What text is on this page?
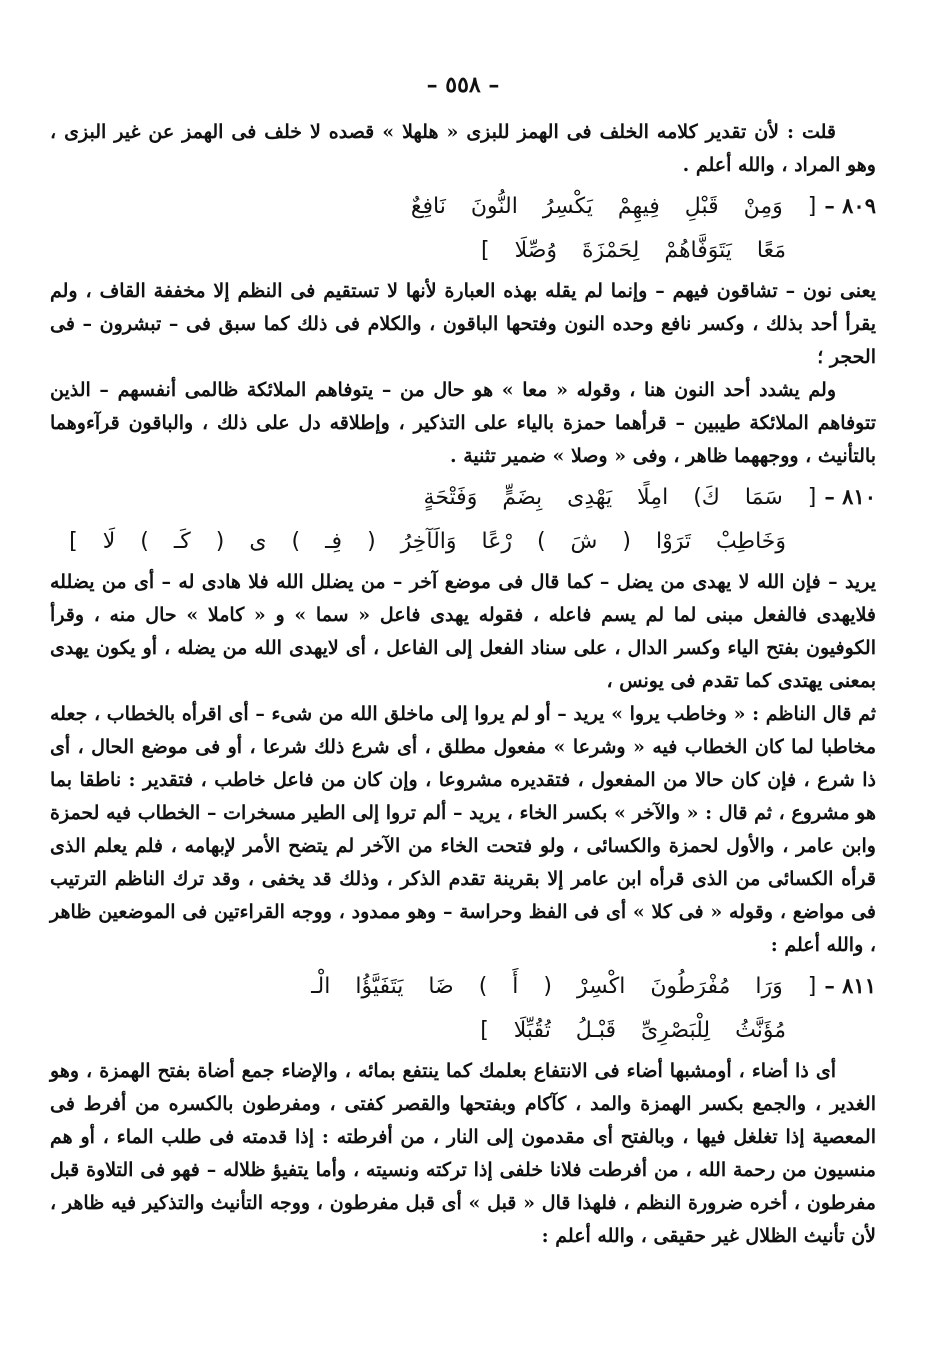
– ٥٥٨ –

قلت : لأن تقدير كلامه الخلف فى الهمز للبزى « هلهلا » قصده لا خلف فى الهمز عن غير البزى ، وهو المراد ، والله أعلم .

٨٠٩ –
[ وَمِنْ قَبْلِ فِيهِمْ يَكْسِرُ النُّونَ نَافِعٌ
مَعًا يَتَوَفَّاهُمْ لِحَمْزَةَ وُصِّلَا ]

يعنى نون – تشاقون فيهم – وإنما لم يقله بهذه العبارة لأنها لا تستقيم فى النظم إلا مخففة القاف ، ولم يقرأ أحد بذلك ، وكسر نافع وحده النون وفتحها الباقون ، والكلام فى ذلك كما سبق فى – تبشرون – فى الحجر ؛

ولم يشدد أحد النون هنا ، وقوله « معا » هو حال من – يتوفاهم الملائكة ظالمى أنفسهم – الذين تتوفاهم الملائكة طيبين – قرأهما حمزة بالياء على التذكير ، وإطلاقه دل على ذلك ، والباقون قرآءوهما بالتأنيث ، ووجههما ظاهر ، وفى « وصلا » ضمير تثنية .

٨١٠ –
[ سَمَا كَ) امِلًا يَهْدِى بِضَمٍّ وَفَتْحَةٍ
وَخَاطِبْ تَرَوْا ( شَ ) رْعًا وَالَآخِرُ ( فِـ ) ى ( كَـ ) لَا ]

يريد – فإن الله لا يهدى من يضل – كما قال فى موضع آخر – من يضلل الله فلا هادى له – أى من يضلله فلايهدى فالفعل مبنى لما لم يسم فاعله ، فقوله يهدى فاعل « سما » و « كاملا » حال منه ، وقرأ الكوفيون بفتح الياء وكسر الدال ، على سناد الفعل إلى الفاعل ، أى لايهدى الله من يضله ، أو يكون يهدى بمعنى يهتدى كما تقدم فى يونس ،

ثم قال الناظم : « وخاطب يروا » يريد – أو لم يروا إلى ماخلق الله من شىء – أى اقرأه بالخطاب ، جعله مخاطبا لما كان الخطاب فيه « وشرعا » مفعول مطلق ، أى شرع ذلك شرعا ، أو فى موضع الحال ، أى ذا شرع ، فإن كان حالا من المفعول ، فتقديره مشروعا ، وإن كان من فاعل خاطب ، فتقدير : ناطقا بما هو مشروع ، ثم قال : « والآخر » بكسر الخاء ، يريد – ألم تروا إلى الطير مسخرات – الخطاب فيه لحمزة وابن عامر ، والأول لحمزة والكسائى ، ولو فتحت الخاء من الآخر لم يتضح الأمر لإبهامه ، فلم يعلم الذى قرأه الكسائى من الذى قرأه ابن عامر إلا بقرينة تقدم الذكر ، وذلك قد يخفى ، وقد ترك الناظم الترتيب فى مواضع ، وقوله « فى كلا » أى فى الفظ وحراسة – وهو ممدود ، ووجه القراءتين فى الموضعين ظاهر ، والله أعلم :

٨١١ –
[ وَرَا مُفْرَطُونَ اكْسِرْ ( أَ ) ضَا يَتَفَيَّؤُا الْـ
مُؤَنَّثُ لِلْبَصْرِىِّ قَبْـلُ تُقُبِّلَا ]

أى ذا أضاء ، أومشبها أضاء فى الانتفاع بعلمك كما ينتفع بمائه ، والإضاء جمع أضاة بفتح الهمزة ، وهو الغدير ، والجمع بكسر الهمزة والمد ، كآكام وبفتحها والقصر كفتى ، ومفرطون بالكسره من أفرط فى المعصية إذا تغلغل فيها ، وبالفتح أى مقدمون إلى النار ، من أفرطته : إذا قدمته فى طلب الماء ، أو هم منسيون من رحمة الله ، من أفرطت فلانا خلفى إذا تركته ونسيته ، وأما يتفيؤ ظلاله – فهو فى التلاوة قبل مفرطون ، أخره ضرورة النظم ، فلهذا قال « قبل » أى قبل مفرطون ، ووجه التأنيث والتذكير فيه ظاهر ، لأن تأنيث الظلال غير حقيقى ، والله أعلم :
